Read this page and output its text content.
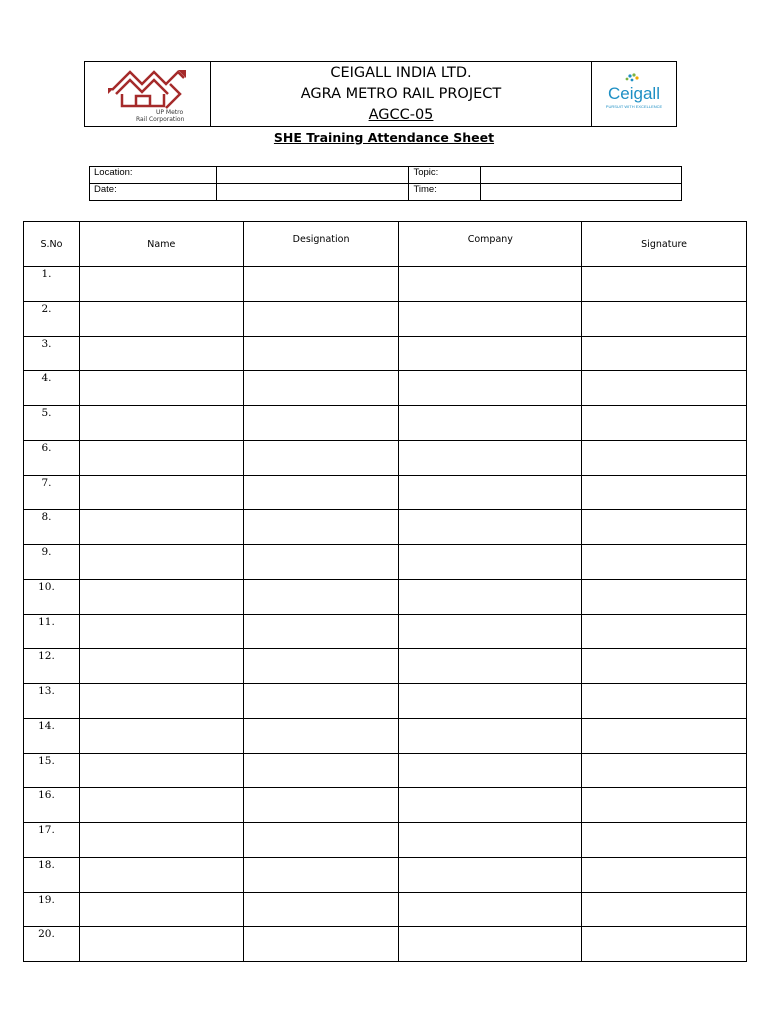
UP Metro
Rail Corporation
CEIGALL INDIA LTD.
AGRA METRO RAIL PROJECT
AGCC-05
Ceigall
PURSUIT WITH EXCELLENCE
SHE Training Attendance Sheet
Location:		Topic:	
Date:		Time:	
S.No	Name	Designation	Company	Signature
1.				
2.				
3.				
4.				
5.				
6.				
7.				
8.				
9.				
10.				
11.				
12.				
13.				
14.				
15.				
16.				
17.				
18.				
19.				
20.				
